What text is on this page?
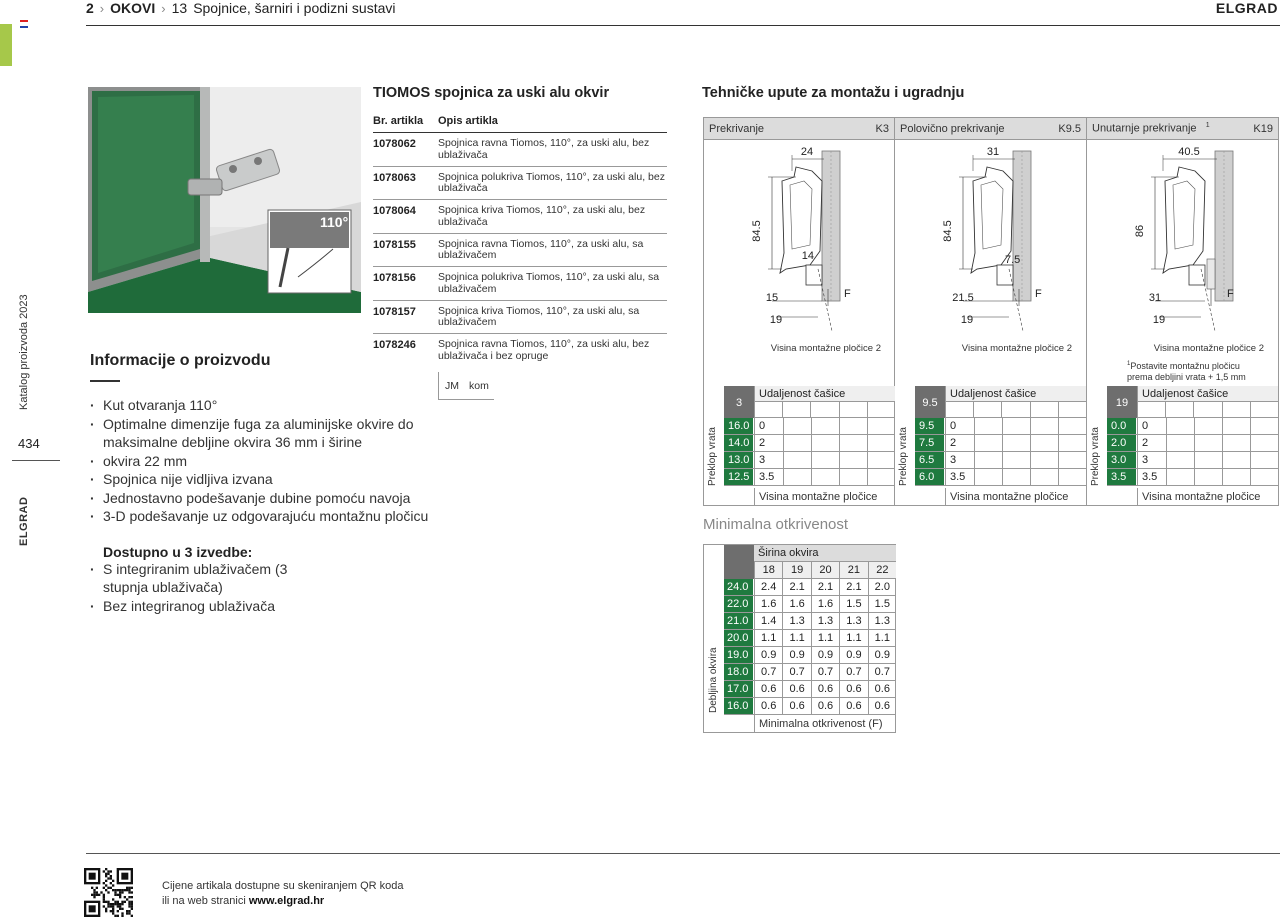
Katalog proizvoda 2023
434
ELGRAD
2 › OKOVI › 13 Spojnice, šarniri i podizni sustavi	ELGRAD
110°
Informacije o proizvodu
· Kut otvaranja 110°
· Optimalne dimenzije fuga za aluminijske okvire do maksimalne debljine okvira 36 mm i širine
· okvira 22 mm
· Spojnica nije vidljiva izvana
· Jednostavno podešavanje dubine pomoću navoja
· 3-D podešavanje uz odgovarajuću montažnu pločicu
Dostupno u 3 izvedbe:
· S integriranim ublaživačem (3 stupnja ublaživača)
· Bez integriranog ublaživača
TIOMOS spojnica za uski alu okvir
Br. artikla	Opis artikla
1078062	Spojnica ravna Tiomos, 110°, za uski alu, bez ublaživača
1078063	Spojnica polukriva Tiomos, 110°, za uski alu, bez ublaživača
1078064	Spojnica kriva Tiomos, 110°, za uski alu, bez ublaživača
1078155	Spojnica ravna Tiomos, 110°, za uski alu, sa ublaživačem
1078156	Spojnica polukriva Tiomos, 110°, za uski alu, sa ublaživačem
1078157	Spojnica kriva Tiomos, 110°, za uski alu, sa ublaživačem
1078246	Spojnica ravna Tiomos, 110°, za uski alu, bez ublaživača i bez opruge
JM kom
Tehničke upute za montažu i ugradnju
Prekrivanje	K3
84.5
24
14
15
19
F
Visina montažne pločice 2
3
Udaljenost čašice
Preklop vrata
16.0 0
14.0 2
13.0 3
12.5 3.5
Visina montažne pločice
Polovično prekrivanje	K9.5
84.5
31
7.5
21.5
19
F
Visina montažne pločice 2
9.5
Udaljenost čašice
Preklop vrata
9.5	0
7.5	2
6.5	3
6.0	3.5
Visina montažne pločice
Unutarnje prekrivanje $^1$	K19
86
40.5
31
19
F
Visina montažne pločice 2
$^1$Postavite montažnu pločicu prema debljini vrata + 1,5 mm
19
Udaljenost čašice
Preklop vrata
0.0	0
2.0	2
3.0	3
3.5	3.5
Visina montažne pločice
Minimalna otkrivenost
Širina okvira
18	19	20	21	22
Debljina okvira
24.0	2.4	2.1	2.1	2.1	2.0
22.0	1.6	1.6	1.6	1.5	1.5
21.0	1.4	1.3	1.3	1.3	1.3
20.0	1.1	1.1	1.1	1.1	1.1
19.0	0.9	0.9	0.9	0.9	0.9
18.0	0.7	0.7	0.7	0.7	0.7
17.0	0.6	0.6	0.6	0.6	0.6
16.0	0.6	0.6	0.6	0.6	0.6
Minimalna otkrivenost (F)
Cijene artikala dostupne su skeniranjem QR koda
ili na web stranici www.elgrad.hr
